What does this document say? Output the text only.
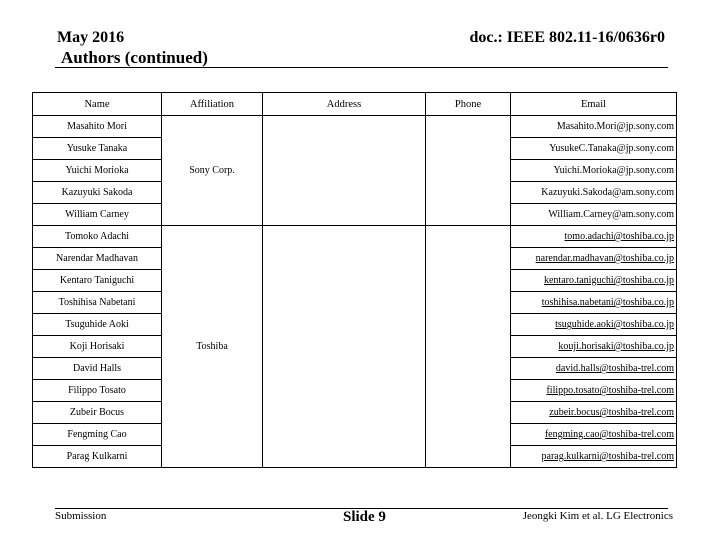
May 2016	doc.: IEEE 802.11-16/0636r0
Authors (continued)
Name	Affiliation	Address	Phone	Email
Masahito Mori	Sony Corp.			Masahito.Mori@jp.sony.com
Yusuke Tanaka				YusukeC.Tanaka@jp.sony.com
Yuichi Morioka				Yuichi.Morioka@jp.sony.com
Kazuyuki Sakoda				Kazuyuki.Sakoda@am.sony.com
William Carney				William.Carney@am.sony.com
Tomoko Adachi	Toshiba			tomo.adachi@toshiba.co.jp
Narendar Madhavan				narendar.madhavan@toshiba.co.jp
Kentaro Taniguchi				kentaro.taniguchi@toshiba.co.jp
Toshihisa Nabetani				toshihisa.nabetani@toshiba.co.jp
Tsuguhide Aoki				tsuguhide.aoki@toshiba.co.jp
Koji Horisaki				kouji.horisaki@toshiba.co.jp
David Halls				david.halls@toshiba-trel.com
Filippo Tosato				filippo.tosato@toshiba-trel.com
Zubeir Bocus				zubeir.bocus@toshiba-trel.com
Fengming Cao				fengming.cao@toshiba-trel.com
Parag Kulkarni				parag.kulkarni@toshiba-trel.com
Submission	Slide 9	Jeongki Kim et al. LG Electronics
